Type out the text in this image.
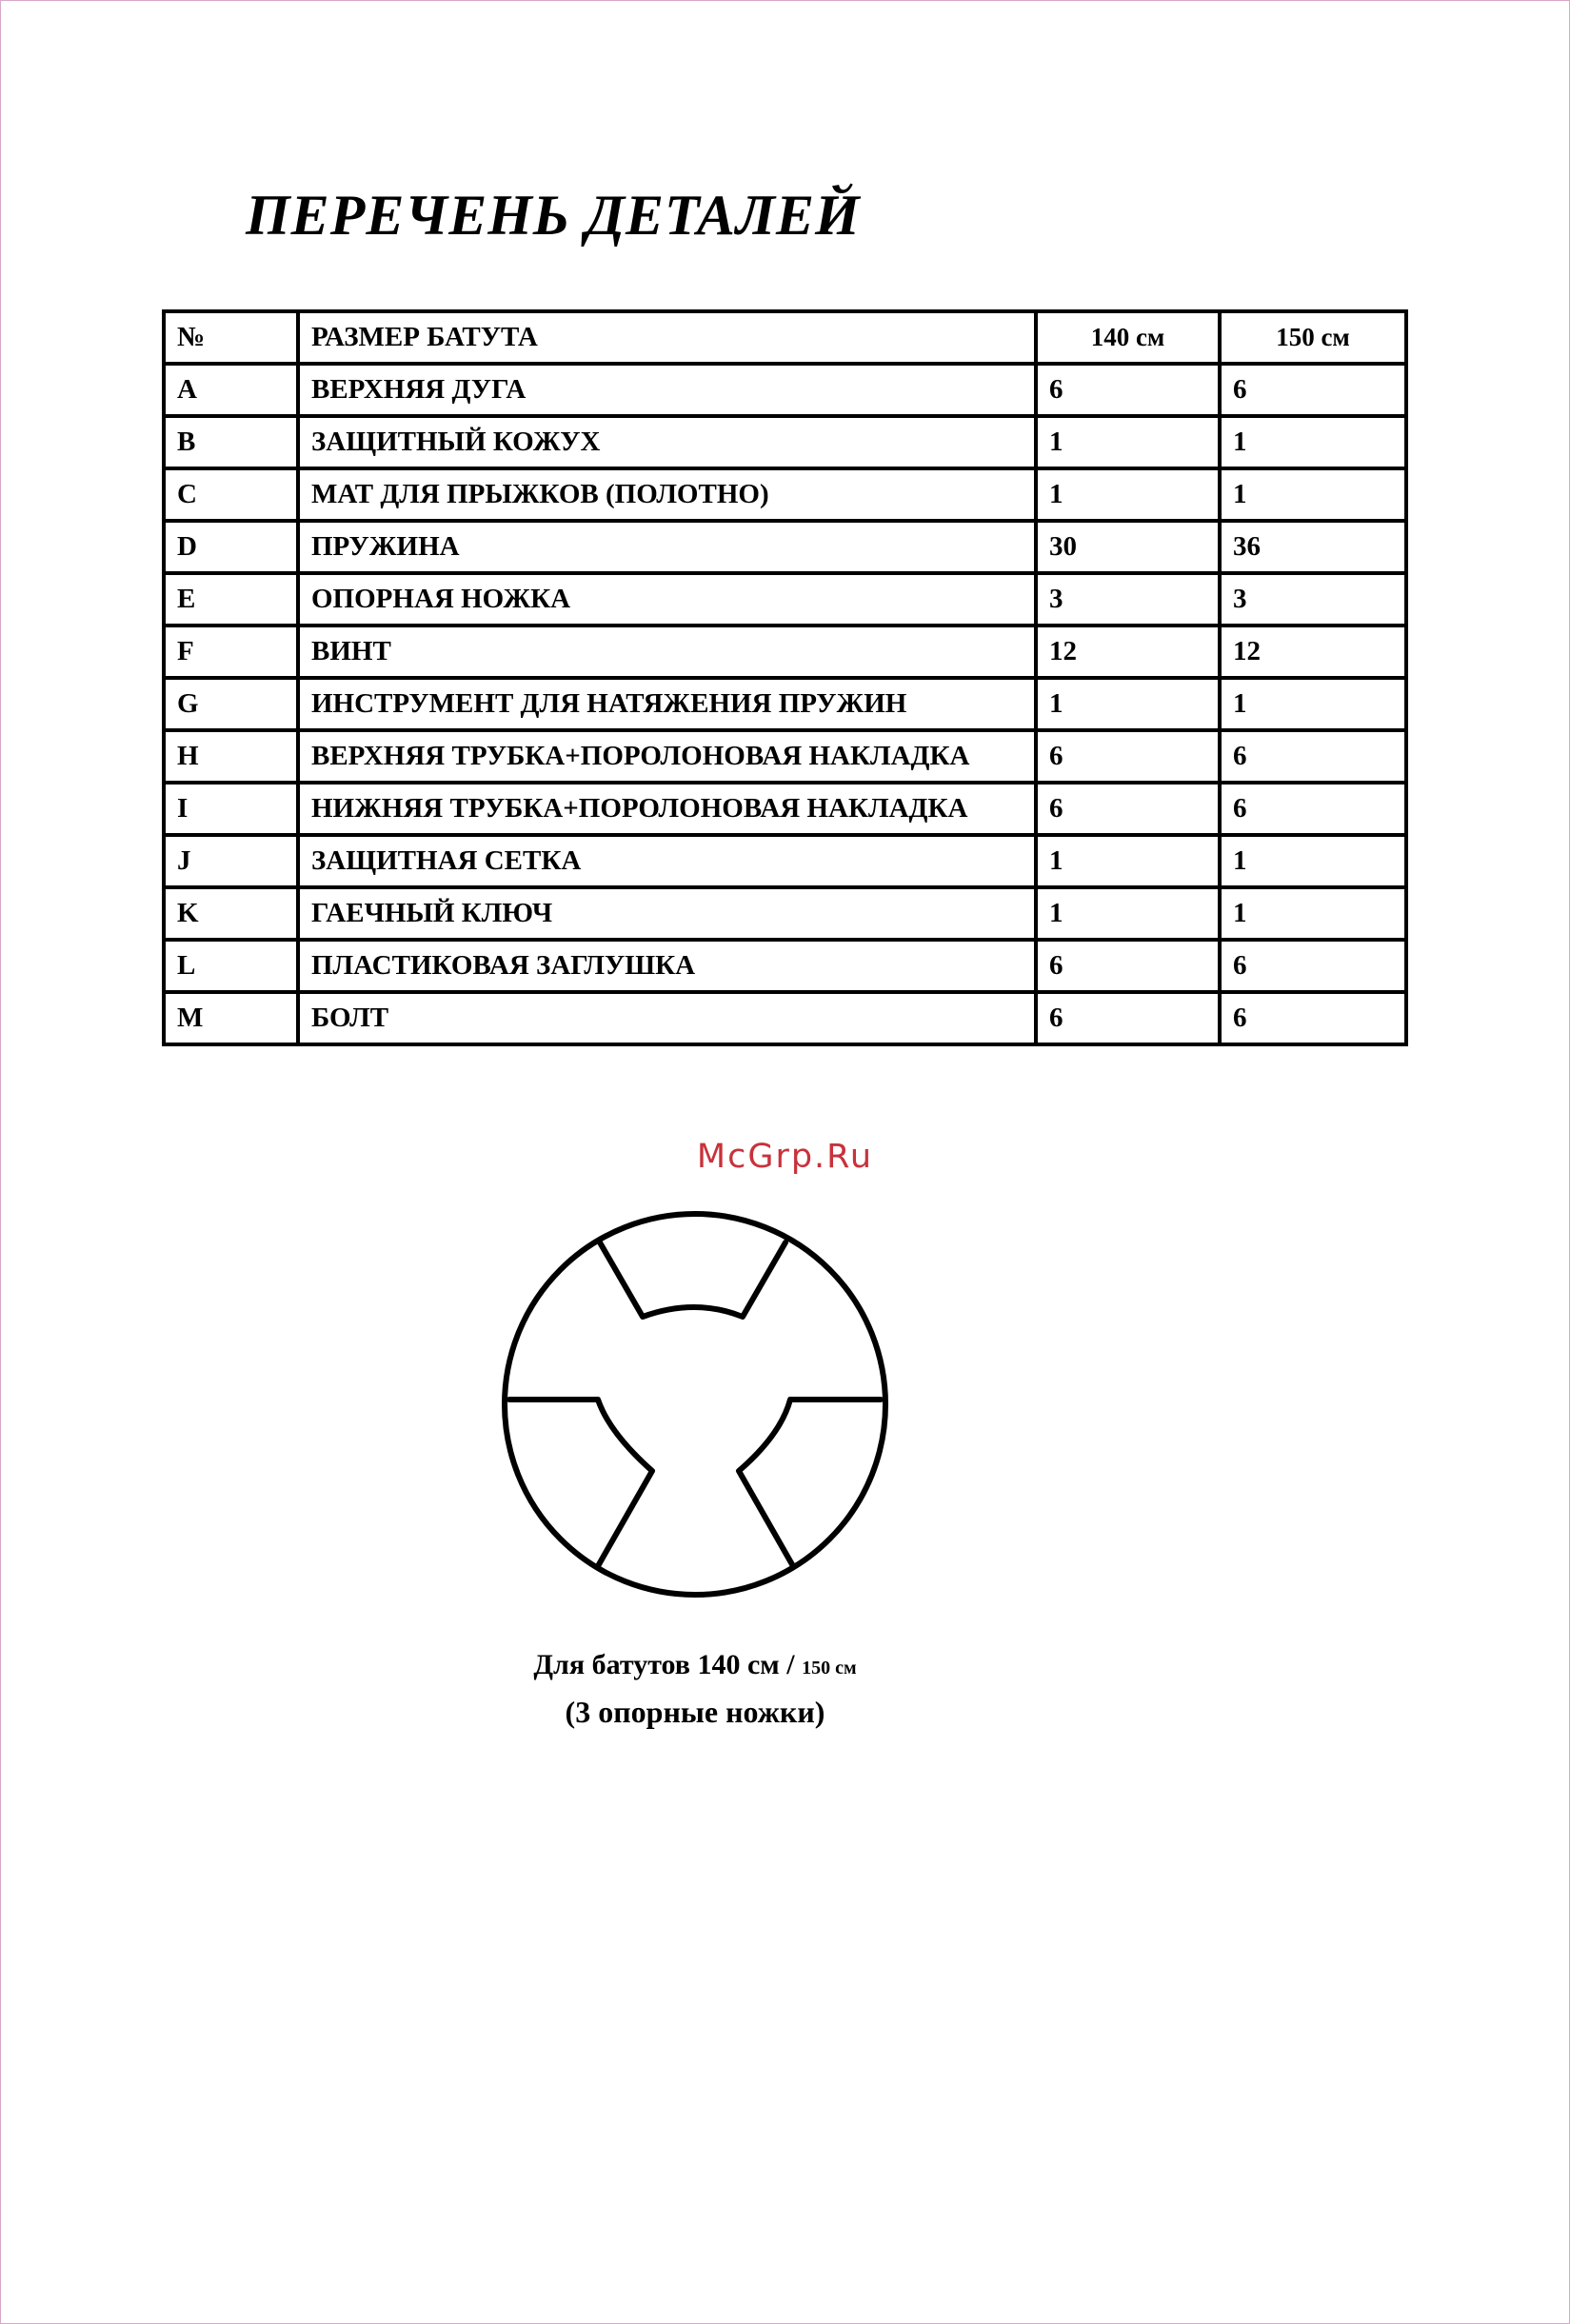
ПЕРЕЧЕНЬ ДЕТАЛЕЙ
№	РАЗМЕР БАТУТА	140 см	150 см
A	ВЕРХНЯЯ ДУГА	6	6
B	ЗАЩИТНЫЙ КОЖУХ	1	1
C	МАТ ДЛЯ ПРЫЖКОВ (ПОЛОТНО)	1	1
D	ПРУЖИНА	30	36
E	ОПОРНАЯ НОЖКА	3	3
F	ВИНТ	12	12
G	ИНСТРУМЕНТ ДЛЯ НАТЯЖЕНИЯ ПРУЖИН	1	1
H	ВЕРХНЯЯ ТРУБКА+ПОРОЛОНОВАЯ НАКЛАДКА	6	6
I	НИЖНЯЯ ТРУБКА+ПОРОЛОНОВАЯ НАКЛАДКА	6	6
J	ЗАЩИТНАЯ СЕТКА	1	1
K	ГАЕЧНЫЙ КЛЮЧ	1	1
L	ПЛАСТИКОВАЯ ЗАГЛУШКА	6	6
M	БОЛТ	6	6
McGrp.Ru
Для батутов 140 см / 150 см
(3 опорные ножки)
